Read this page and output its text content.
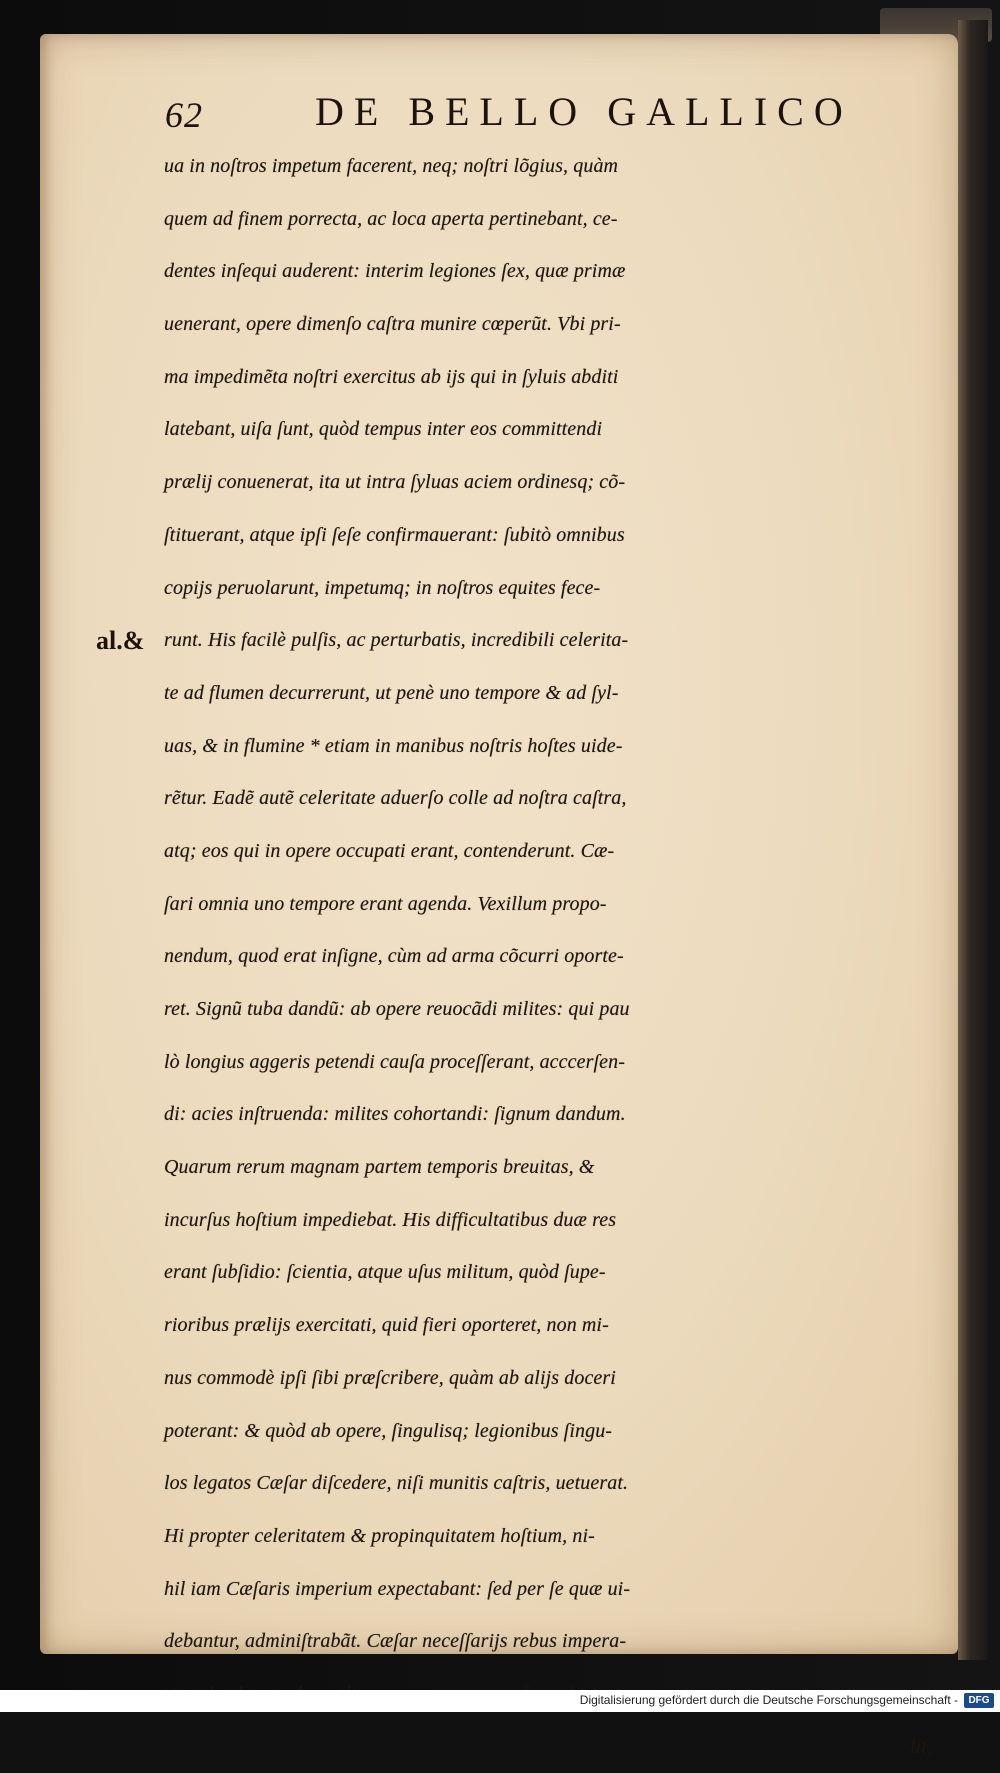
62	DE BELLO GALLICO
al.&
ua in noſtros impetum facerent, neq; noſtri lõgius, quàm
quem ad finem porrecta, ac loca aperta pertinebant, ce-
dentes inſequi auderent: interim legiones ſex, quæ primæ
uenerant, opere dimenſo caſtra munire cœperũt. Vbi pri-
ma impedimẽta noſtri exercitus ab ijs qui in ſyluis abditi
latebant, uiſa ſunt, quòd tempus inter eos committendi
prælij conuenerat, ita ut intra ſyluas aciem ordinesq; cõ-
ſtituerant, atque ipſi ſeſe confirmauerant: ſubitò omnibus
copijs peruolarunt, impetumq; in noſtros equites fece-
runt. His facilè pulſis, ac perturbatis, incredibili celerita-
te ad flumen decurrerunt, ut penè uno tempore & ad ſyl-
uas, & in flumine * etiam in manibus noſtris hoſtes uide-
rẽtur. Eadẽ autẽ celeritate aduerſo colle ad noſtra caſtra,
atq; eos qui in opere occupati erant, contenderunt. Cæ-
ſari omnia uno tempore erant agenda. Vexillum propo-
nendum, quod erat inſigne, cùm ad arma cõcurri oporte-
ret. Signũ tuba dandũ: ab opere reuocãdi milites: qui pau
lò longius aggeris petendi cauſa proceſſerant, acccerſen-
di: acies inſtruenda: milites cohortandi: ſignum dandum.
Quarum rerum magnam partem temporis breuitas, &
incurſus hoſtium impediebat. His difficultatibus duæ res
erant ſubſidio: ſcientia, atque uſus militum, quòd ſupe-
rioribus prælijs exercitati, quid fieri oporteret, non mi-
nus commodè ipſi ſibi præſcribere, quàm ab alijs doceri
poterant: & quòd ab opere, ſingulisq; legionibus ſingu-
los legatos Cæſar diſcedere, niſi munitis caſtris, uetuerat.
Hi propter celeritatem & propinquitatem hoſtium, ni-
hil iam Cæſaris imperium expectabant: ſed per ſe quæ ui-
debantur, adminiſtrabãt. Cæſar neceſſarijs rebus impera-
lit,
Digitalisierung gefördert durch die Deutsche Forschungsgemeinschaft -	DFG
